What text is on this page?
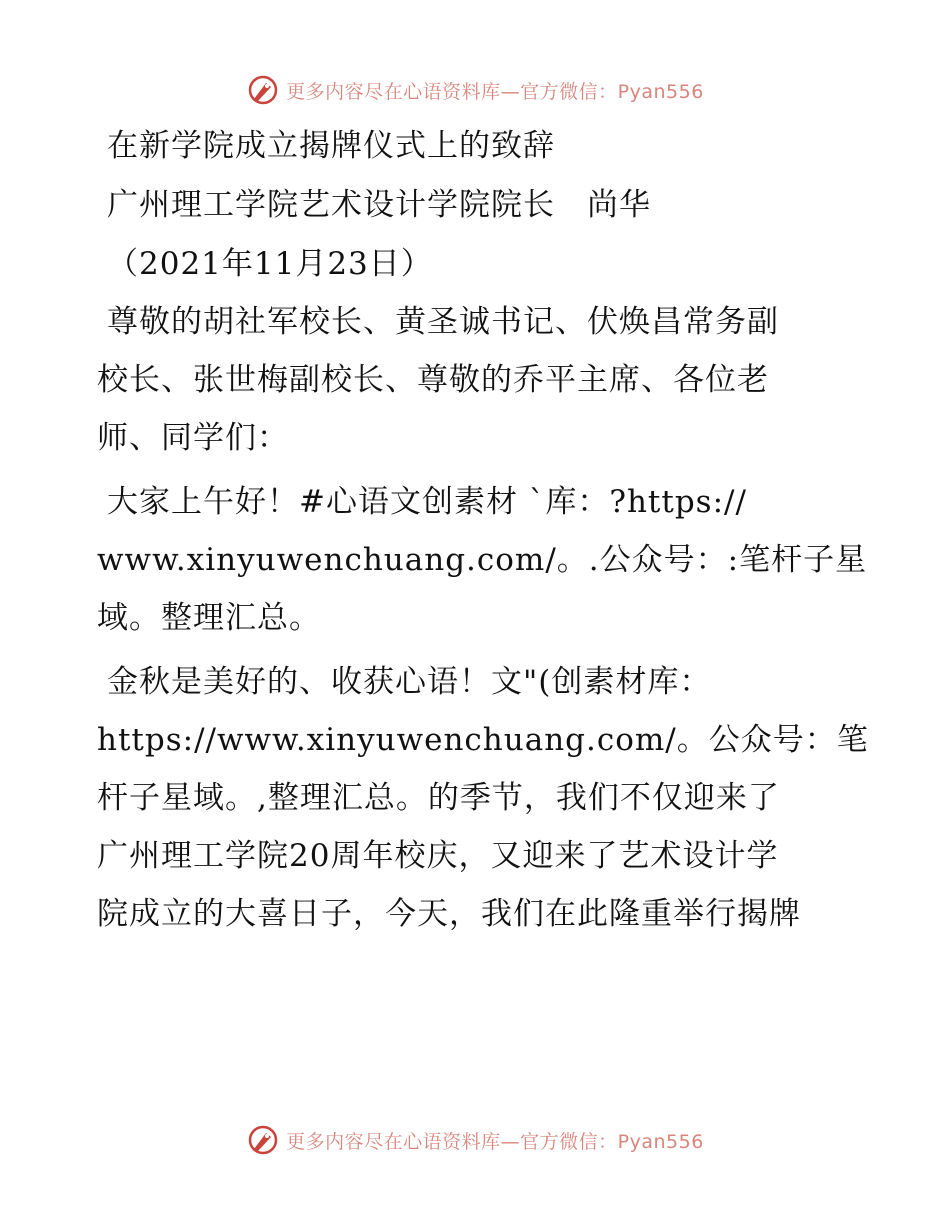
更多内容尽在心语资料库—官方微信：Pyan556
在新学院成立揭牌仪式上的致辞
广州理工学院艺术设计学院院长　尚华
（2021年11月23日）
尊敬的胡社军校长、黄圣诚书记、伏焕昌常务副
校长、张世梅副校长、尊敬的乔平主席、各位老
师、同学们：
大家上午好！#心语文创素材 `库：?https://
www.xinyuwenchuang.com/。.公众号：:笔杆子星
域。整理汇总。
金秋是美好的、收获心语！文"(创素材库：
https://www.xinyuwenchuang.com/。公众号：笔
杆子星域。,整理汇总。的季节，我们不仅迎来了
广州理工学院20周年校庆，又迎来了艺术设计学
院成立的大喜日子，今天，我们在此隆重举行揭牌
更多内容尽在心语资料库—官方微信：Pyan556
